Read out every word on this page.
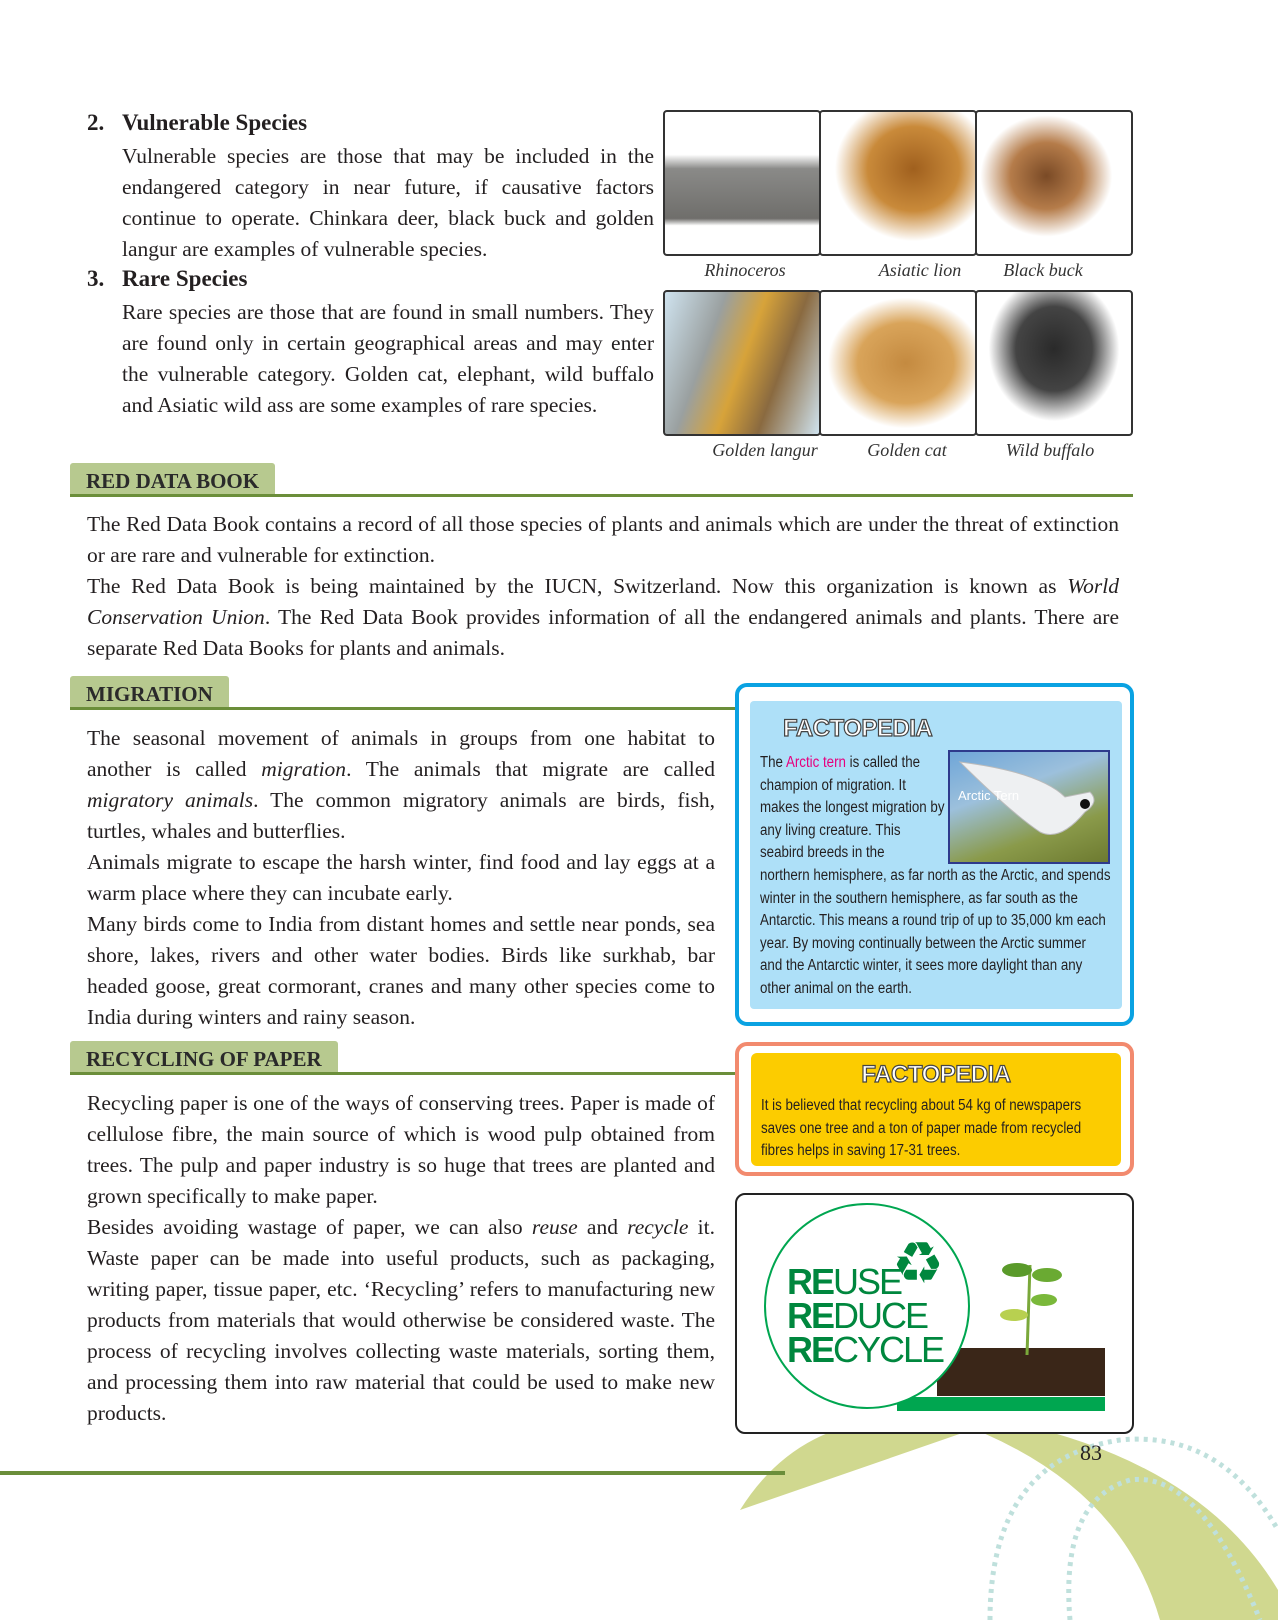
83
2. Vulnerable Species
Vulnerable species are those that may be included in the endangered category in near future, if causative factors continue to operate. Chinkara deer, black buck and golden langur are examples of vulnerable species.
3. Rare Species
Rare species are those that are found in small numbers. They are found only in certain geographical areas and may enter the vulnerable category. Golden cat, elephant, wild buffalo and Asiatic wild ass are some examples of rare species.
Rhinoceros	Asiatic lion	Black buck
Golden langur	Golden cat	Wild buffalo
RED DATA BOOK
The Red Data Book contains a record of all those species of plants and animals which are under the threat of extinction or are rare and vulnerable for extinction.
The Red Data Book is being maintained by the IUCN, Switzerland. Now this organization is known as World Conservation Union. The Red Data Book provides information of all the endangered animals and plants. There are separate Red Data Books for plants and animals.
MIGRATION
The seasonal movement of animals in groups from one habitat to another is called migration. The animals that migrate are called migratory animals. The common migratory animals are birds, fish, turtles, whales and butterflies.
Animals migrate to escape the harsh winter, find food and lay eggs at a warm place where they can incubate early.
Many birds come to India from distant homes and settle near ponds, sea shore, lakes, rivers and other water bodies. Birds like surkhab, bar headed goose, great cormorant, cranes and many other species come to India during winters and rainy season.
RECYCLING OF PAPER
Recycling paper is one of the ways of conserving trees. Paper is made of cellulose fibre, the main source of which is wood pulp obtained from trees. The pulp and paper industry is so huge that trees are planted and grown specifically to make paper.
Besides avoiding wastage of paper, we can also reuse and recycle it. Waste paper can be made into useful products, such as packaging, writing paper, tissue paper, etc. ‘Recycling’ refers to manufacturing new products from materials that would otherwise be considered waste. The process of recycling involves collecting waste materials, sorting them, and processing them into raw material that could be used to make new products.
FACTOPEDIA
Arctic Tern
The Arctic tern is called the champion of migration. It makes the longest migration by any living creature. This seabird breeds in the
northern hemisphere, as far north as the Arctic, and spends winter in the southern hemisphere, as far south as the Antarctic. This means a round trip of up to 35,000 km each year. By moving continually between the Arctic summer and the Antarctic winter, it sees more daylight than any other animal on the earth.
FACTOPEDIA
It is believed that recycling about 54 kg of newspapers saves one tree and a ton of paper made from recycled fibres helps in saving 17-31 trees.
REUSE
REDUCE
RECYCLE
♻
